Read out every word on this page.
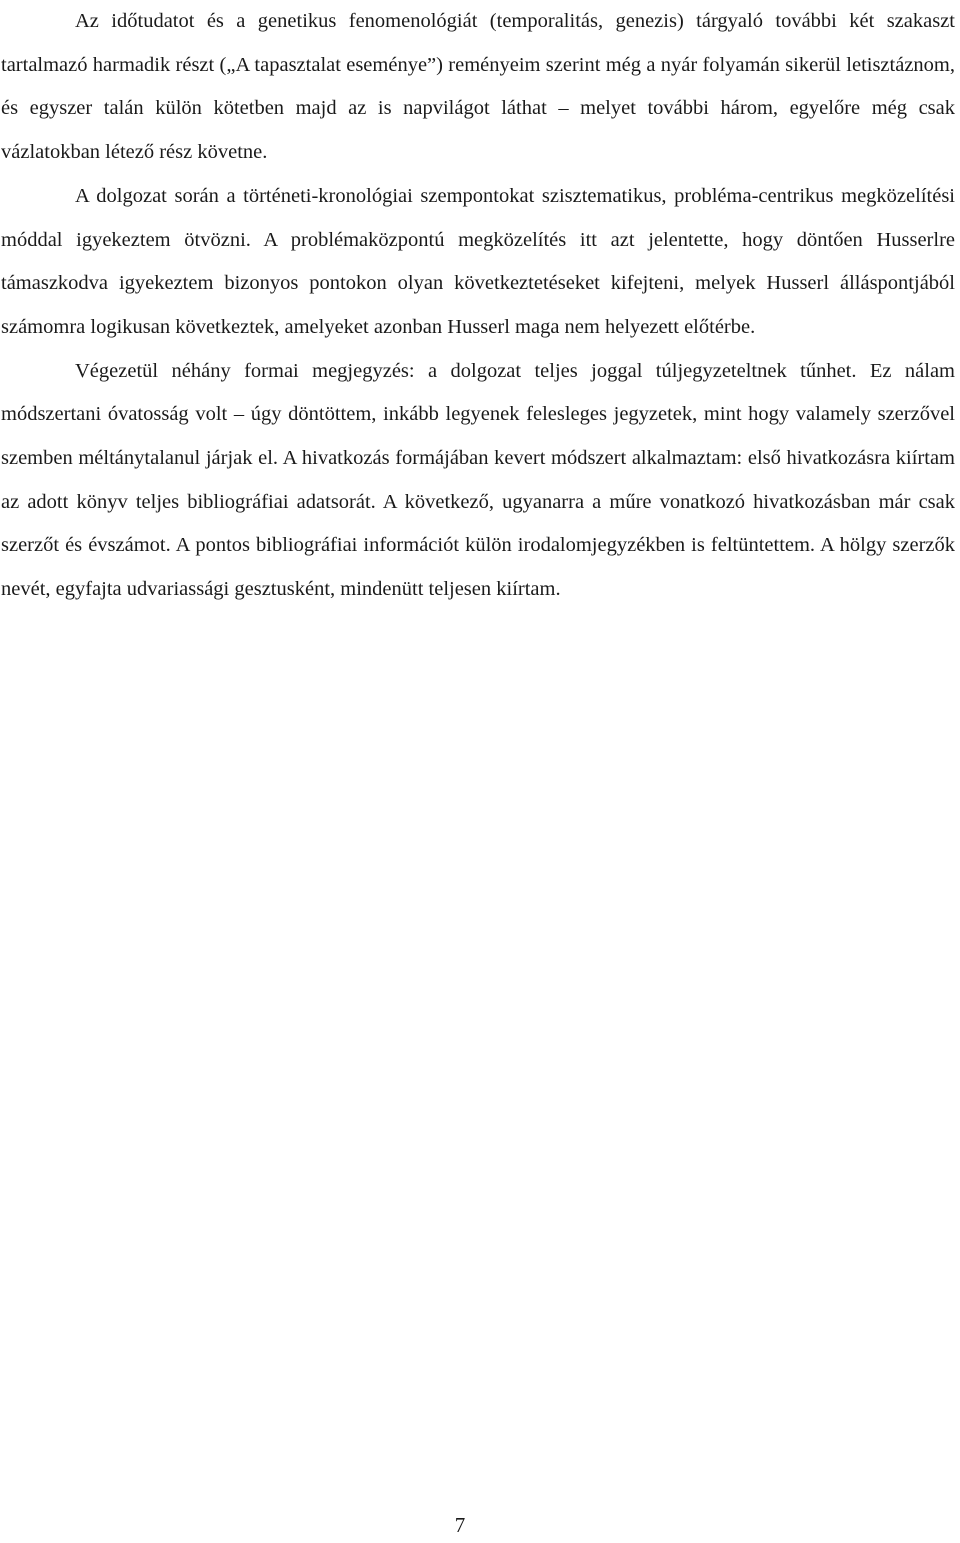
Az időtudatot és a genetikus fenomenológiát (temporalitás, genezis) tárgyaló további két szakaszt tartalmazó harmadik részt („A tapasztalat eseménye”) reményeim szerint még a nyár folyamán sikerül letisztáznom, és egyszer talán külön kötetben majd az is napvilágot láthat – melyet további három, egyelőre még csak vázlatokban létező rész követne.

A dolgozat során a történeti-kronológiai szempontokat szisztematikus, probléma-centrikus megközelítési móddal igyekeztem ötvözni. A problémaközpontú megközelítés itt azt jelentette, hogy döntően Husserlre támaszkodva igyekeztem bizonyos pontokon olyan következtetéseket kifejteni, melyek Husserl álláspontjából számomra logikusan következtek, amelyeket azonban Husserl maga nem helyezett előtérbe.

Végezetül néhány formai megjegyzés: a dolgozat teljes joggal túljegyzeteltnek tűnhet. Ez nálam módszertani óvatosság volt – úgy döntöttem, inkább legyenek felesleges jegyzetek, mint hogy valamely szerzővel szemben méltánytalanul járjak el. A hivatkozás formájában kevert módszert alkalmaztam: első hivatkozásra kiírtam az adott könyv teljes bibliográfiai adatsorát. A következő, ugyanarra a műre vonatkozó hivatkozásban már csak szerzőt és évszámot. A pontos bibliográfiai információt külön irodalomjegyzékben is feltüntettem. A hölgy szerzők nevét, egyfajta udvariassági gesztusként, mindenütt teljesen kiírtam.

7
